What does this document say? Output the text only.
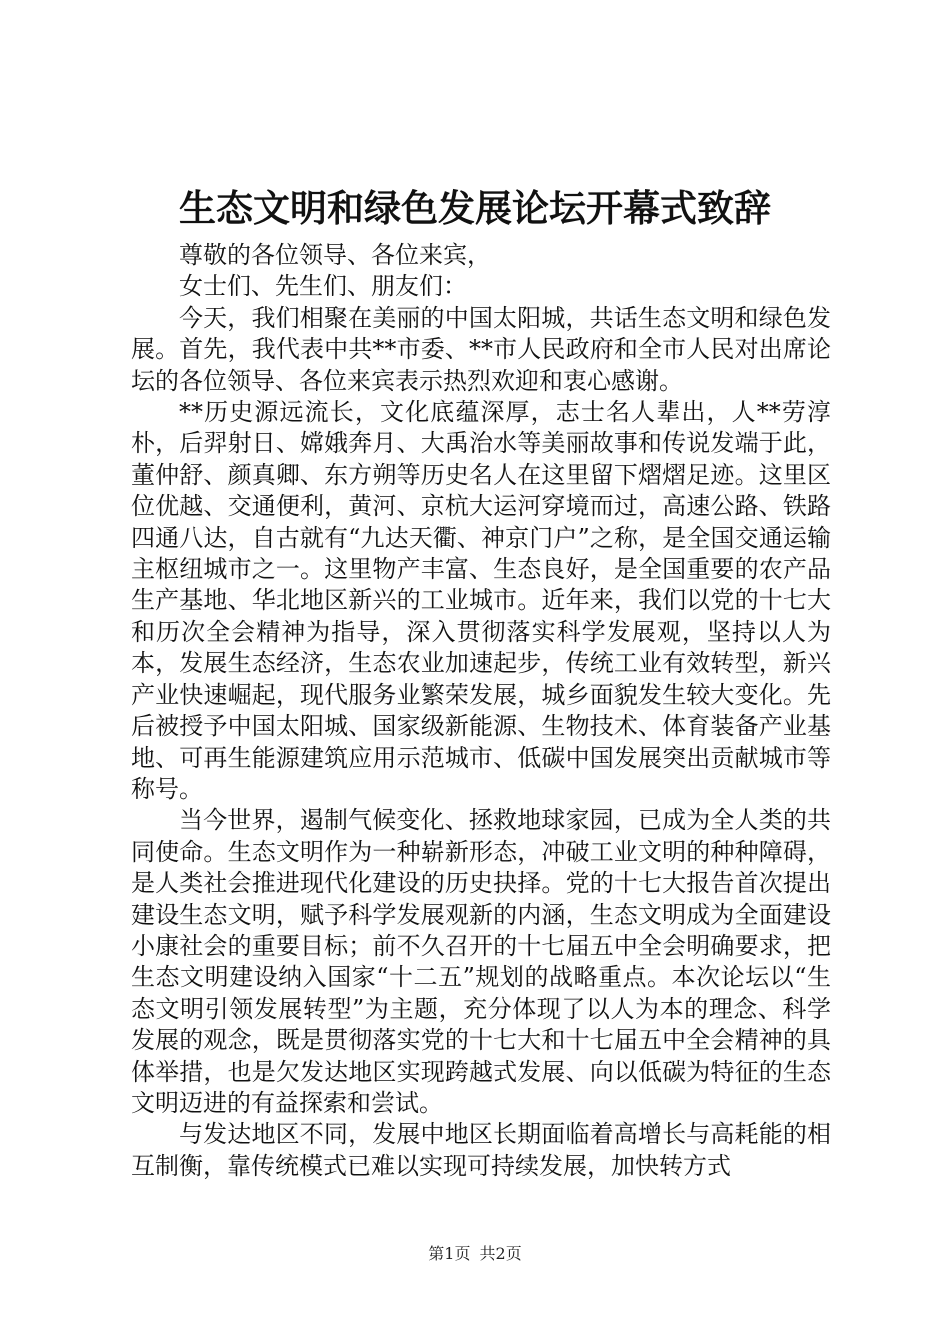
生态文明和绿色发展论坛开幕式致辞

尊敬的各位领导、各位来宾，

女士们、先生们、朋友们：

今天，我们相聚在美丽的中国太阳城，共话生态文明和绿色发展。首先，我代表中共**市委、**市人民政府和全市人民对出席论坛的各位领导、各位来宾表示热烈欢迎和衷心感谢。

**历史源远流长，文化底蕴深厚，志士名人辈出，人**劳淳朴，后羿射日、嫦娥奔月、大禹治水等美丽故事和传说发端于此，董仲舒、颜真卿、东方朔等历史名人在这里留下熠熠足迹。这里区位优越、交通便利，黄河、京杭大运河穿境而过，高速公路、铁路四通八达，自古就有“九达天衢、神京门户”之称，是全国交通运输主枢纽城市之一。这里物产丰富、生态良好，是全国重要的农产品生产基地、华北地区新兴的工业城市。近年来，我们以党的十七大和历次全会精神为指导，深入贯彻落实科学发展观，坚持以人为本，发展生态经济，生态农业加速起步，传统工业有效转型，新兴产业快速崛起，现代服务业繁荣发展，城乡面貌发生较大变化。先后被授予中国太阳城、国家级新能源、生物技术、体育装备产业基地、可再生能源建筑应用示范城市、低碳中国发展突出贡献城市等称号。

当今世界，遏制气候变化、拯救地球家园，已成为全人类的共同使命。生态文明作为一种崭新形态，冲破工业文明的种种障碍，是人类社会推进现代化建设的历史抉择。党的十七大报告首次提出建设生态文明，赋予科学发展观新的内涵，生态文明成为全面建设小康社会的重要目标；前不久召开的十七届五中全会明确要求，把生态文明建设纳入国家“十二五”规划的战略重点。本次论坛以“生态文明引领发展转型”为主题，充分体现了以人为本的理念、科学发展的观念，既是贯彻落实党的十七大和十七届五中全会精神的具体举措，也是欠发达地区实现跨越式发展、向以低碳为特征的生态文明迈进的有益探索和尝试。

与发达地区不同，发展中地区长期面临着高增长与高耗能的相互制衡，靠传统模式已难以实现可持续发展，加快转方式

第1页 共2页
